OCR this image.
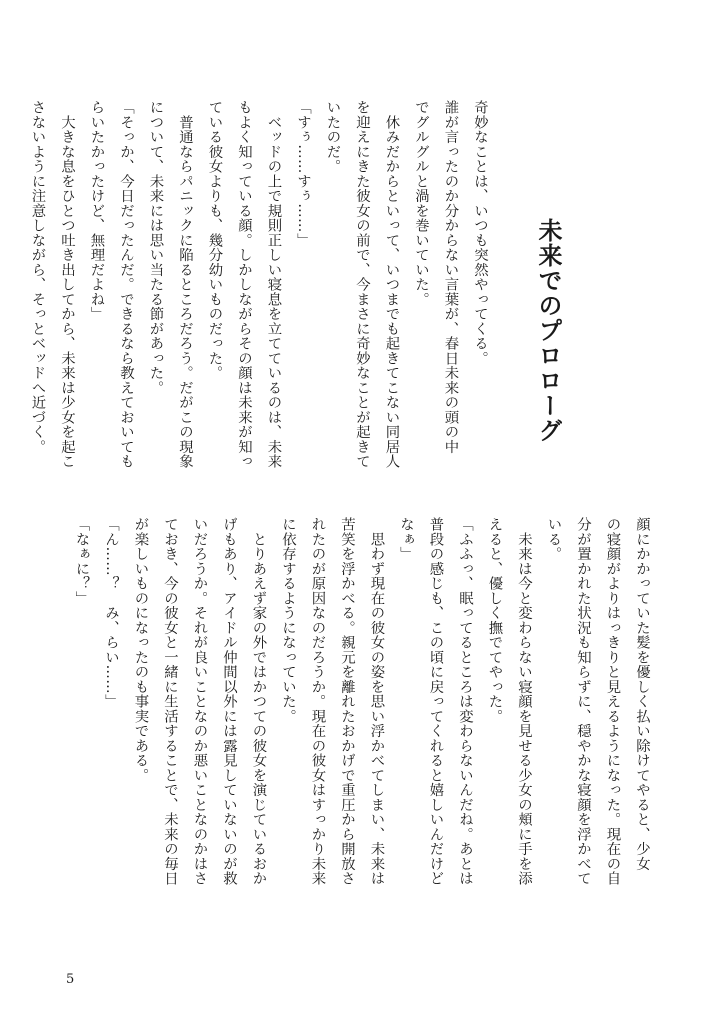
未来でのプロローグ
奇妙なことは、いつも突然やってくる。
誰が言ったのか分からない言葉が、春日未来の頭の中
でグルグルと渦を巻いていた。
　休みだからといって、いつまでも起きてこない同居人
を迎えにきた彼女の前で、今まさに奇妙なことが起きて
いたのだ。
「すぅ……すぅ……」
　ベッドの上で規則正しい寝息を立てているのは、未来
もよく知っている顔。しかしながらその顔は未来が知っ
ている彼女よりも、幾分幼いものだった。
　普通ならパニックに陥るところだろう。だがこの現象
について、未来には思い当たる節があった。
「そっか、今日だったんだ。できるなら教えておいても
らいたかったけど、無理だよね」
　大きな息をひとつ吐き出してから、未来は少女を起こ
さないように注意しながら、そっとベッドへ近づく。
顔にかかっていた髪を優しく払い除けてやると、少女
の寝顔がよりはっきりと見えるようになった。現在の自
分が置かれた状況も知らずに、穏やかな寝顔を浮かべて
いる。
　未来は今と変わらない寝顔を見せる少女の頬に手を添
えると、優しく撫でてやった。
「ふふっ、眠ってるところは変わらないんだね。あとは
普段の感じも、この頃に戻ってくれると嬉しいんだけど
なぁ」
　思わず現在の彼女の姿を思い浮かべてしまい、未来は
苦笑を浮かべる。親元を離れたおかげで重圧から開放さ
れたのが原因なのだろうか。現在の彼女はすっかり未来
に依存するようになっていた。
　とりあえず家の外ではかつての彼女を演じているおか
げもあり、アイドル仲間以外には露見していないのが救
いだろうか。それが良いことなのか悪いことなのかはさ
ておき、今の彼女と一緒に生活することで、未来の毎日
が楽しいものになったのも事実である。
「ん……？　み、らい……」
「なぁに？」
5
